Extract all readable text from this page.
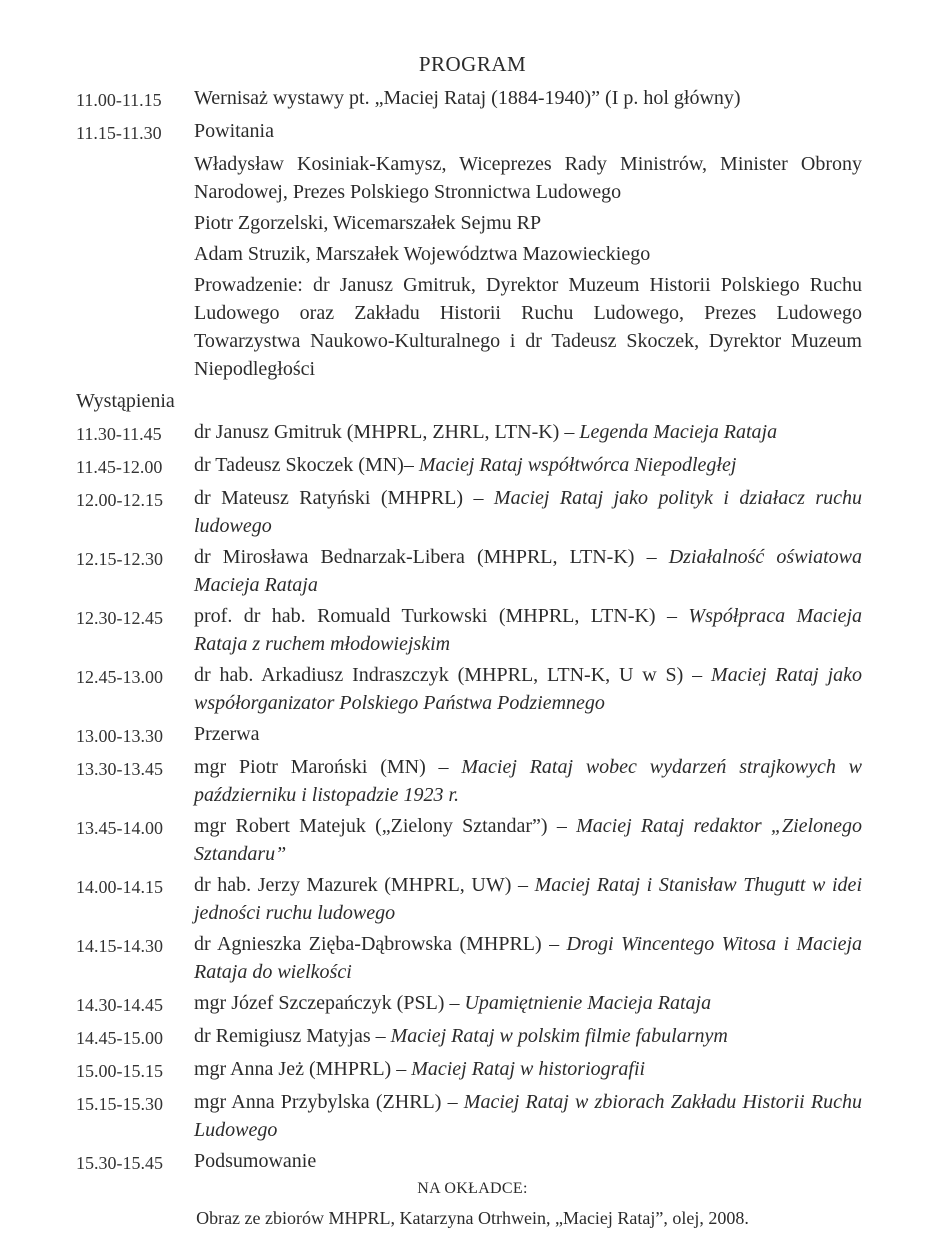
PROGRAM
11.00-11.15	Wernisaż wystawy pt. „Maciej Rataj (1884-1940)” (I p. hol główny)
11.15-11.30	Powitania
Władysław Kosiniak-Kamysz, Wiceprezes Rady Ministrów, Minister Obrony Narodowej, Prezes Polskiego Stronnictwa Ludowego
Piotr Zgorzelski, Wicemarszałek Sejmu RP
Adam Struzik, Marszałek Województwa Mazowieckiego
Prowadzenie: dr Janusz Gmitruk, Dyrektor Muzeum Historii Polskiego Ruchu Ludowego oraz Zakładu Historii Ruchu Ludowego, Prezes Ludowego Towarzystwa Naukowo-Kulturalnego i dr Tadeusz Skoczek, Dyrektor Muzeum Niepodległości
Wystąpienia
11.30-11.45	dr Janusz Gmitruk (MHPRL, ZHRL, LTN-K) – Legenda Macieja Rataja
11.45-12.00	dr Tadeusz Skoczek (MN)– Maciej Rataj współtwórca Niepodległej
12.00-12.15	dr Mateusz Ratyński (MHPRL) – Maciej Rataj jako polityk i działacz ruchu ludowego
12.15-12.30	dr Mirosława Bednarzak-Libera (MHPRL, LTN-K) – Działalność oświatowa Macieja Rataja
12.30-12.45	prof. dr hab. Romuald Turkowski (MHPRL, LTN-K) – Współpraca Macieja Rataja z ruchem młodowiejskim
12.45-13.00	dr hab. Arkadiusz Indraszczyk (MHPRL, LTN-K, U w S) – Maciej Rataj jako współorganizator Polskiego Państwa Podziemnego
13.00-13.30	Przerwa
13.30-13.45	mgr Piotr Maroński (MN) – Maciej Rataj wobec wydarzeń strajkowych w październiku i listopadzie 1923 r.
13.45-14.00	mgr Robert Matejuk („Zielony Sztandar”) – Maciej Rataj redaktor „Zielonego Sztandaru”
14.00-14.15	dr hab. Jerzy Mazurek (MHPRL, UW) – Maciej Rataj i Stanisław Thugutt w idei jedności ruchu ludowego
14.15-14.30	dr Agnieszka Zięba-Dąbrowska (MHPRL) – Drogi Wincentego Witosa i Macieja Rataja do wielkości
14.30-14.45	mgr Józef Szczepańczyk (PSL) – Upamiętnienie Macieja Rataja
14.45-15.00	dr Remigiusz Matyjas – Maciej Rataj w polskim filmie fabularnym
15.00-15.15	mgr Anna Jeż (MHPRL) – Maciej Rataj w historiografii
15.15-15.30	mgr Anna Przybylska (ZHRL) – Maciej Rataj w zbiorach Zakładu Historii Ruchu Ludowego
15.30-15.45	Podsumowanie
NA OKŁADCE:
Obraz ze zbiorów MHPRL, Katarzyna Otrhwein, „Maciej Rataj”, olej, 2008.
